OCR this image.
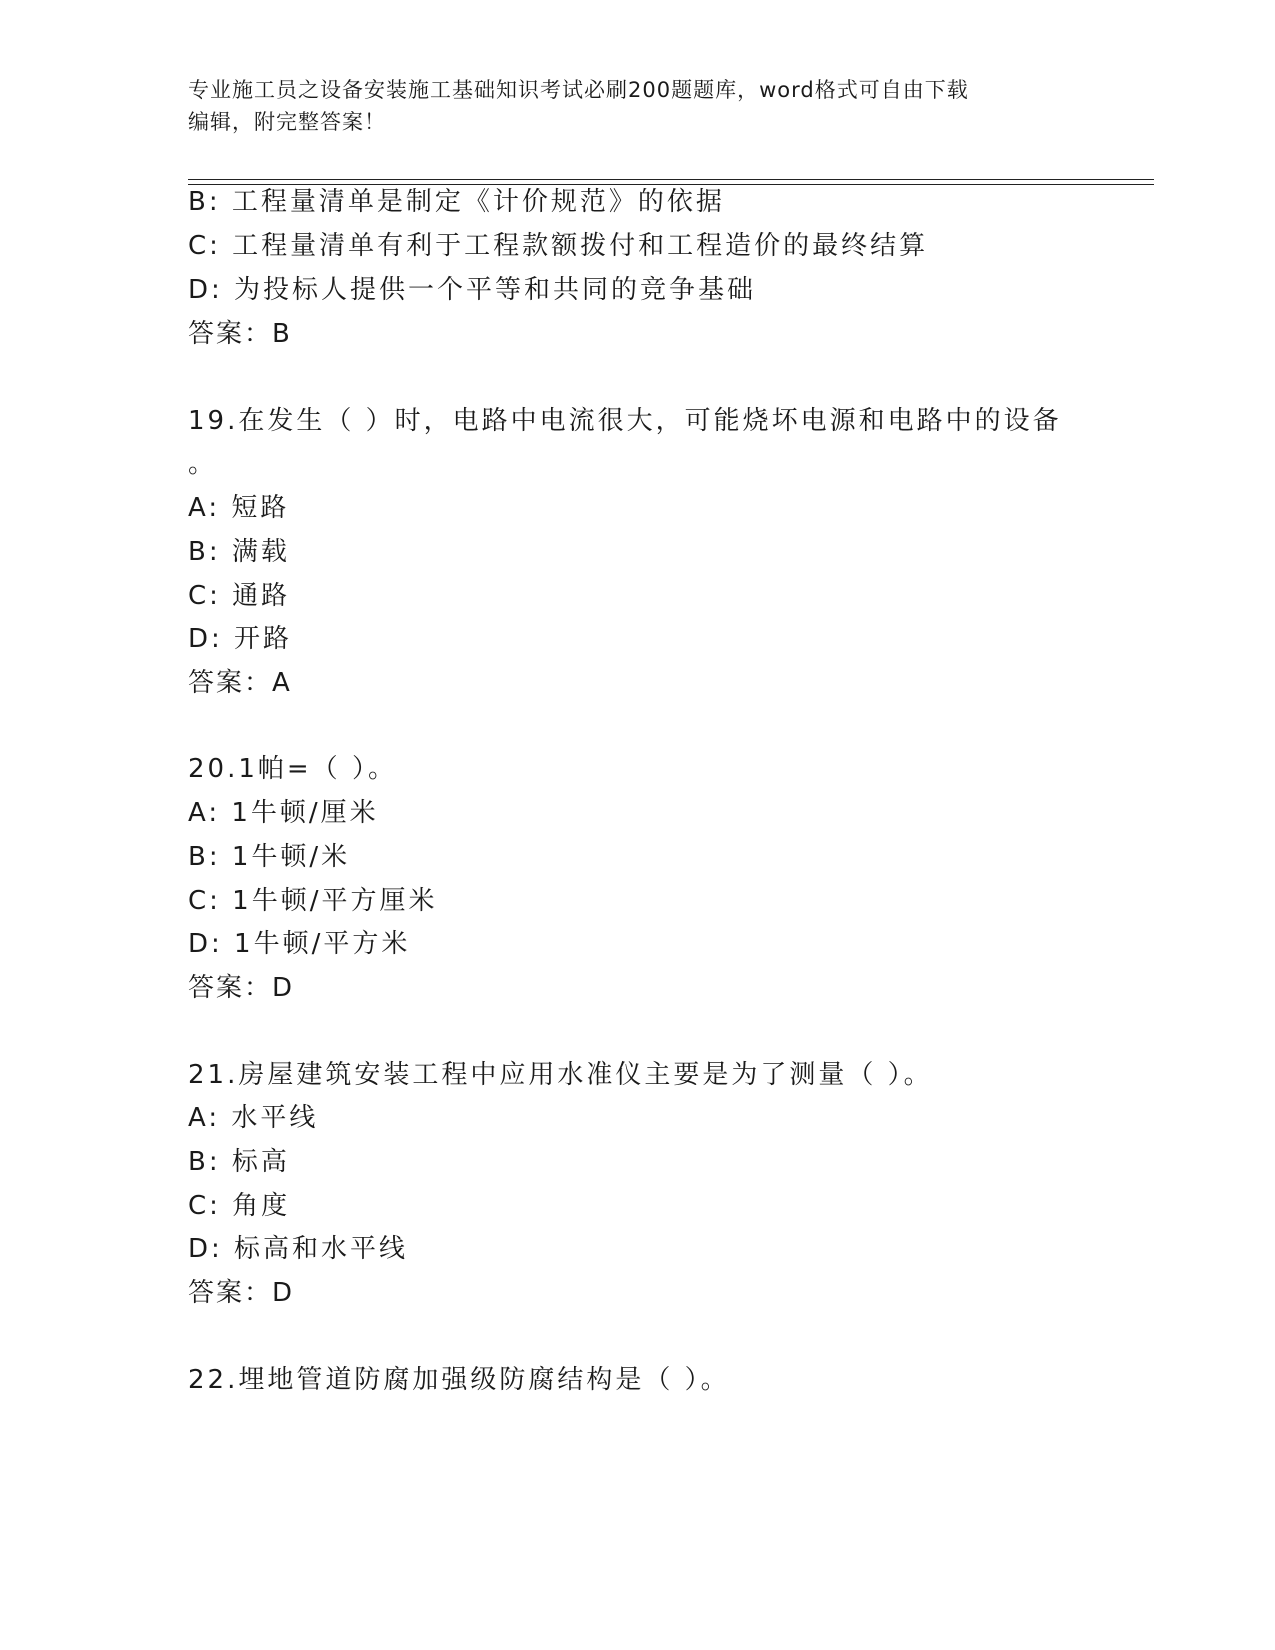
专业施工员之设备安装施工基础知识考试必刷200题题库，word格式可自由下载
编辑，附完整答案！
B: 工程量清单是制定《计价规范》的依据
C: 工程量清单有利于工程款额拨付和工程造价的最终结算
D: 为投标人提供一个平等和共同的竞争基础
答案：B
19.在发生（ ）时，电路中电流很大，可能烧坏电源和电路中的设备
。
A: 短路
B: 满载
C: 通路
D: 开路
答案：A
20.1帕=（ ）。
A: 1牛顿/厘米
B: 1牛顿/米
C: 1牛顿/平方厘米
D: 1牛顿/平方米
答案：D
21.房屋建筑安装工程中应用水准仪主要是为了测量（ ）。
A: 水平线
B: 标高
C: 角度
D: 标高和水平线
答案：D
22.埋地管道防腐加强级防腐结构是（ ）。
